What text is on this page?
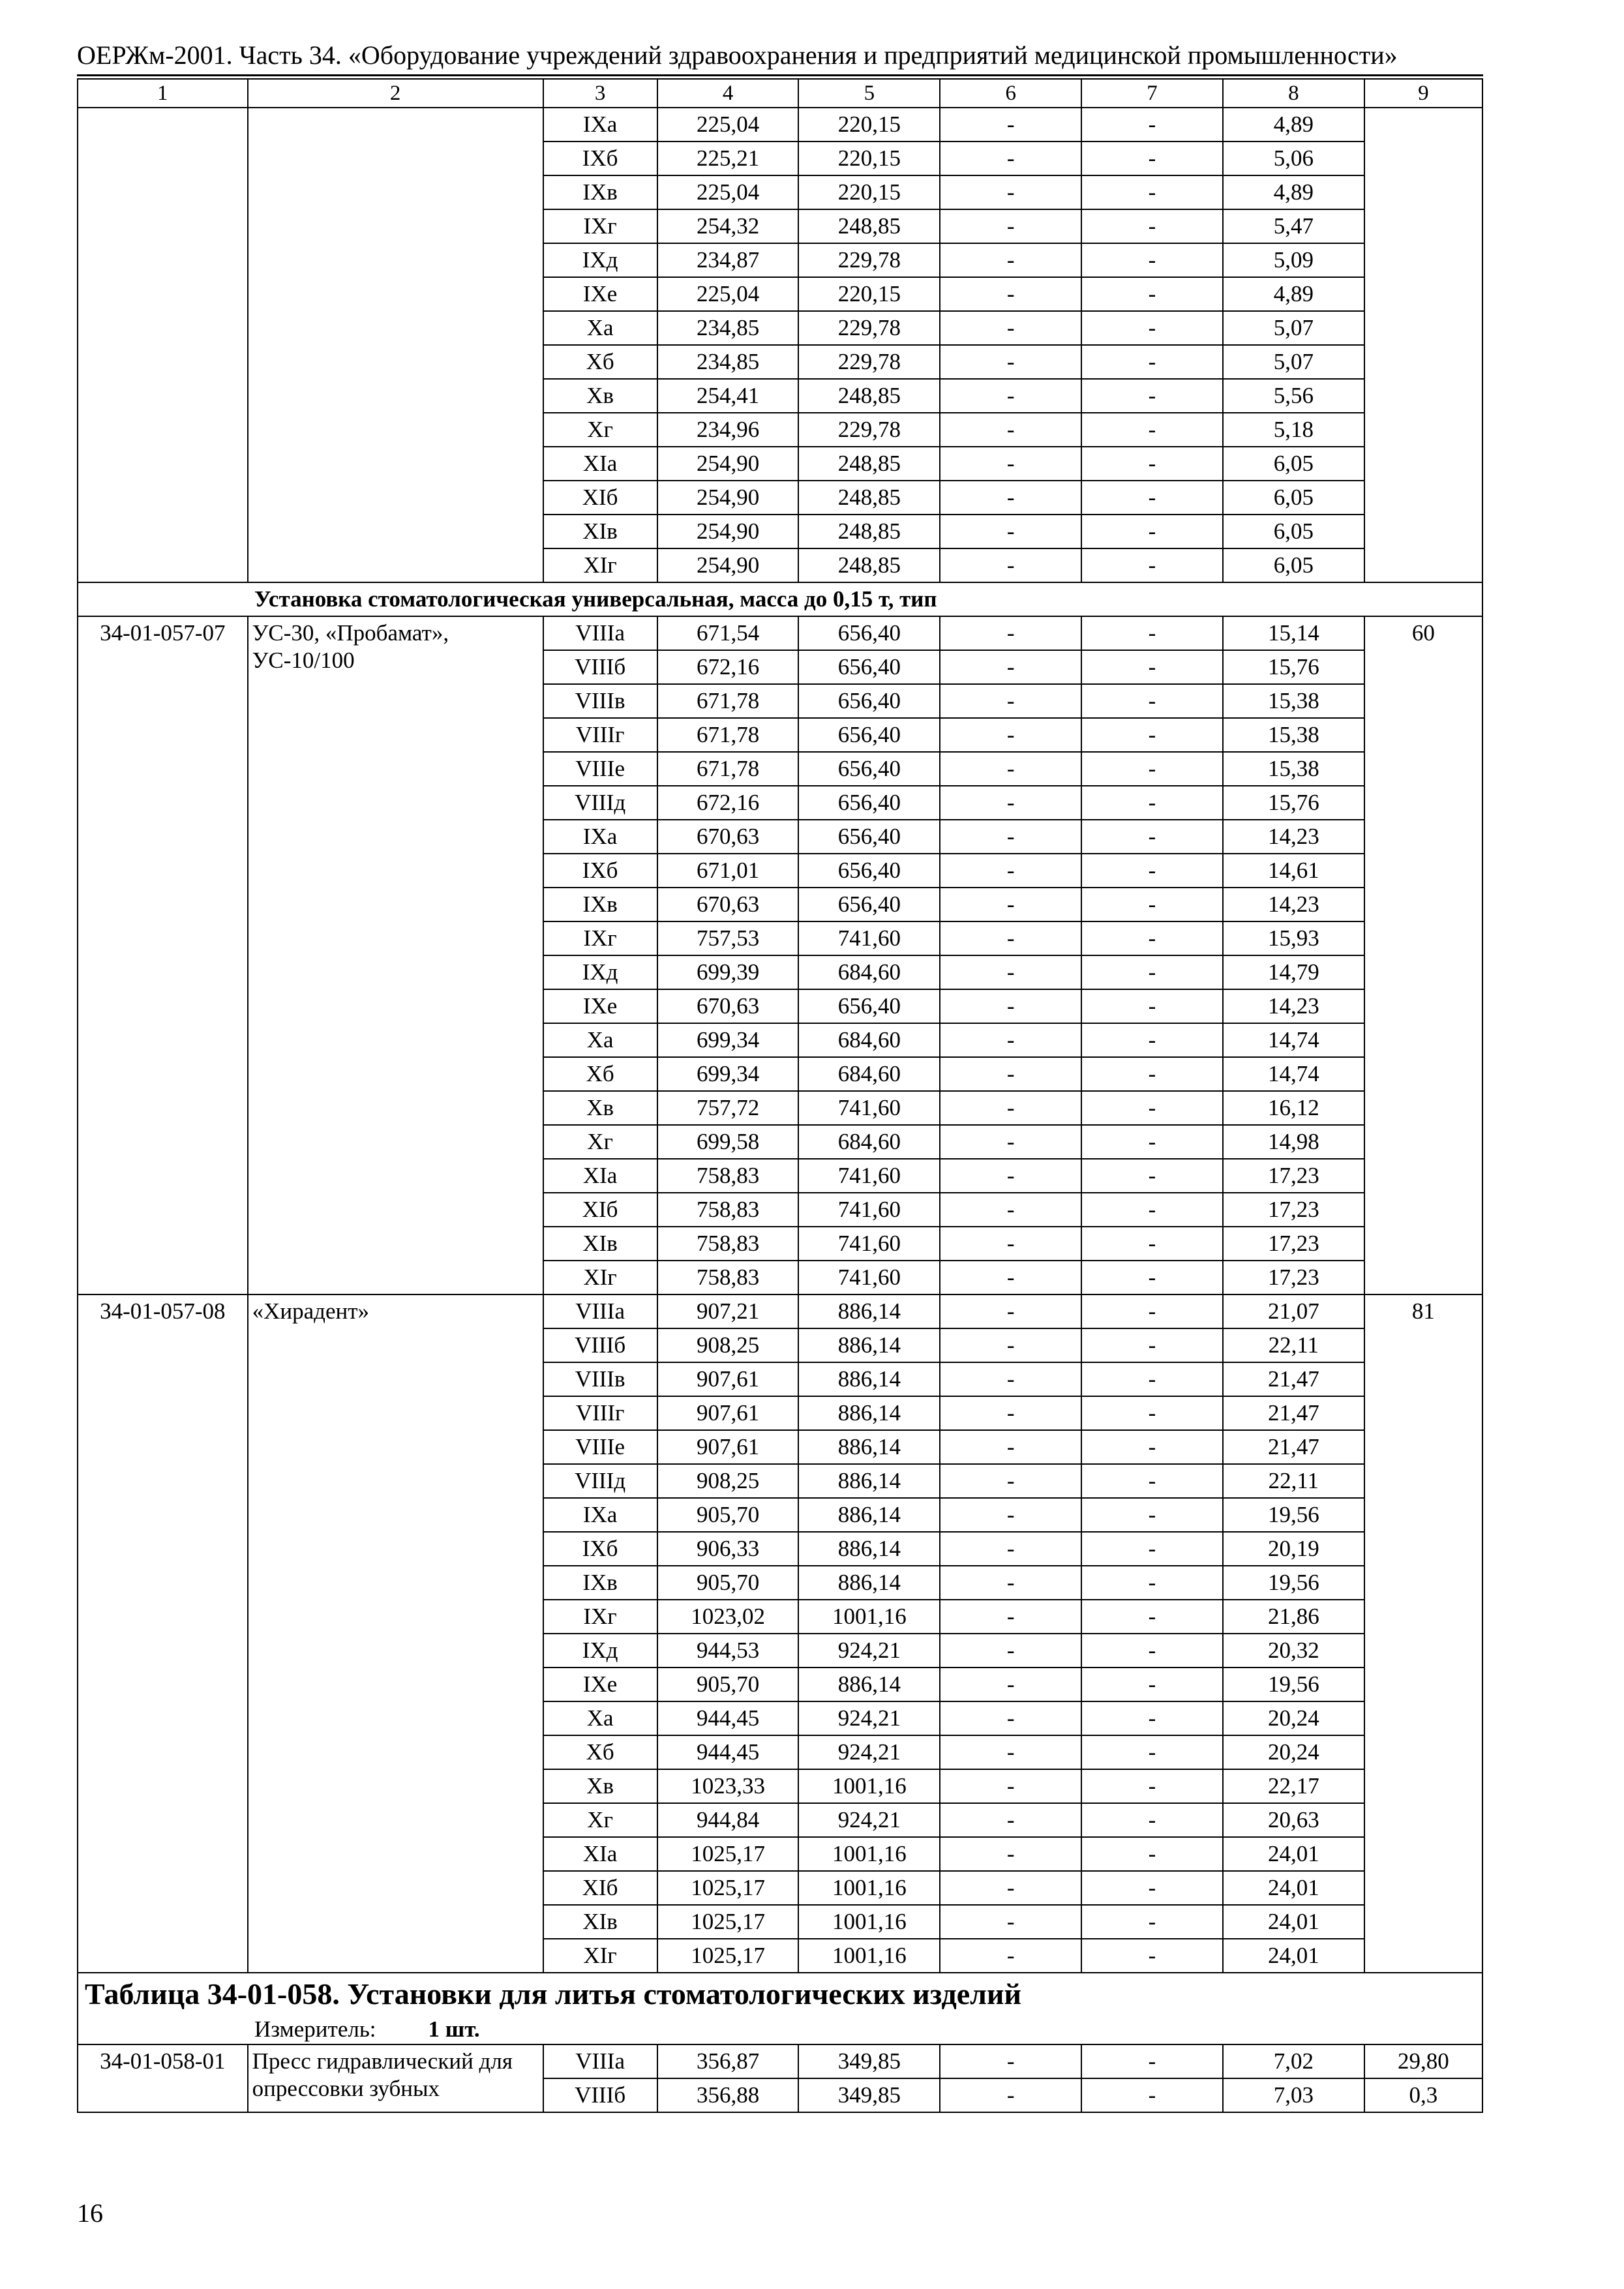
ОЕРЖм-2001. Часть 34. «Оборудование учреждений здравоохранения и предприятий медицинской промышленности»
1	2	3	4	5	6	7	8	9
		IXа	225,04	220,15	-	-	4,89	
		IXб	225,21	220,15	-	-	5,06	
		IXв	225,04	220,15	-	-	4,89	
		IXг	254,32	248,85	-	-	5,47	
		IXд	234,87	229,78	-	-	5,09	
		IXе	225,04	220,15	-	-	4,89	
		Xа	234,85	229,78	-	-	5,07	
		Xб	234,85	229,78	-	-	5,07	
		Xв	254,41	248,85	-	-	5,56	
		Xг	234,96	229,78	-	-	5,18	
		XIа	254,90	248,85	-	-	6,05	
		XIб	254,90	248,85	-	-	6,05	
		XIв	254,90	248,85	-	-	6,05	
		XIг	254,90	248,85	-	-	6,05	
Установка стоматологическая универсальная, масса до 0,15 т, тип								
34-01-057-07	УС-30, «Пробамат», УС-10/100	VIIIа	671,54	656,40	-	-	15,14	60
		VIIIб	672,16	656,40	-	-	15,76	
		VIIIв	671,78	656,40	-	-	15,38	
		VIIIг	671,78	656,40	-	-	15,38	
		VIIIе	671,78	656,40	-	-	15,38	
		VIIIд	672,16	656,40	-	-	15,76	
		IXа	670,63	656,40	-	-	14,23	
		IXб	671,01	656,40	-	-	14,61	
		IXв	670,63	656,40	-	-	14,23	
		IXг	757,53	741,60	-	-	15,93	
		IXд	699,39	684,60	-	-	14,79	
		IXе	670,63	656,40	-	-	14,23	
		Xа	699,34	684,60	-	-	14,74	
		Xб	699,34	684,60	-	-	14,74	
		Xв	757,72	741,60	-	-	16,12	
		Xг	699,58	684,60	-	-	14,98	
		XIа	758,83	741,60	-	-	17,23	
		XIб	758,83	741,60	-	-	17,23	
		XIв	758,83	741,60	-	-	17,23	
		XIг	758,83	741,60	-	-	17,23	
34-01-057-08	«Хирадент»	VIIIа	907,21	886,14	-	-	21,07	81
		VIIIб	908,25	886,14	-	-	22,11	
		VIIIв	907,61	886,14	-	-	21,47	
		VIIIг	907,61	886,14	-	-	21,47	
		VIIIе	907,61	886,14	-	-	21,47	
		VIIIд	908,25	886,14	-	-	22,11	
		IXа	905,70	886,14	-	-	19,56	
		IXб	906,33	886,14	-	-	20,19	
		IXв	905,70	886,14	-	-	19,56	
		IXг	1023,02	1001,16	-	-	21,86	
		IXд	944,53	924,21	-	-	20,32	
		IXе	905,70	886,14	-	-	19,56	
		Xа	944,45	924,21	-	-	20,24	
		Xб	944,45	924,21	-	-	20,24	
		Xв	1023,33	1001,16	-	-	22,17	
		Xг	944,84	924,21	-	-	20,63	
		XIа	1025,17	1001,16	-	-	24,01	
		XIб	1025,17	1001,16	-	-	24,01	
		XIв	1025,17	1001,16	-	-	24,01	
		XIг	1025,17	1001,16	-	-	24,01	
Таблица 34-01-058. Установки для литья стоматологических изделий								
Измеритель: 1 шт.								
34-01-058-01	Пресс гидравлический для опрессовки зубных	VIIIа	356,87	349,85	-	-	7,02	29,80
		VIIIб	356,88	349,85	-	-	7,03	0,3
16
